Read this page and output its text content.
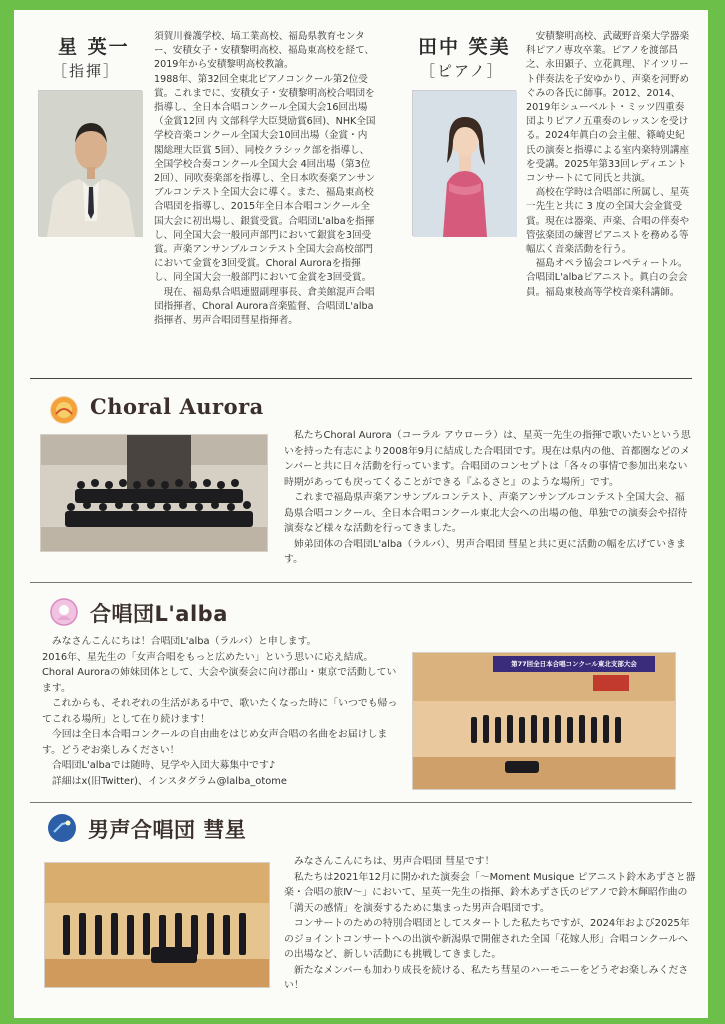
星 英一
［指揮］

須賀川養護学校、塙工業高校、福島県教育センター、安積女子・安積黎明高校、福島東高校を経て、2019年から安積黎明高校教諭。

1988年、第32回全東北ピアノコンクール第2位受賞。これまでに、安積女子・安積黎明高校合唱団を指導し、全日本合唱コンクール全国大会16回出場（金賞12回 内 文部科学大臣奨励賞6回)、NHK全国学校音楽コンクール全国大会10回出場（金賞・内閣総理大臣賞 5回）、同校クラシック部を指導し、全国学校合奏コンクール全国大会 4回出場（第3位2回）、同吹奏楽部を指導し、全日本吹奏楽アンサンブルコンテスト全国大会に導く。また、福島東高校合唱団を指導し、2015年全日本合唱コンクール全国大会に初出場し、銀賞受賞。合唱団L'albaを指揮し、同全国大会一般同声部門において銀賞を3回受賞。声楽アンサンブルコンテスト全国大会高校部門において金賞を3回受賞。Choral Auroraを指揮し、同全国大会一般部門において金賞を3回受賞。

現在、福島県合唱連盟副理事長、倉美館混声合唱団指揮者、Choral Aurora音楽監督、合唱団L'alba指揮者、男声合唱団彗星指揮者。

田中 笑美
［ピアノ］

安積黎明高校、武蔵野音楽大学器楽科ピアノ専攻卒業。ピアノを渡部昌之、永田顕子、立花眞理、ドイツリート伴奏法を子安ゆかり、声楽を河野めぐみの各氏に師事。2012、2014、2019年シューベルト・ミッツ四重奏団よりピアノ五重奏のレッスンを受ける。2024年眞白の会主催、篠崎史紀氏の演奏と指導による室内楽特別講座を受講。2025年第33回レディエントコンサートにて同氏と共演。

高校在学時は合唱部に所属し、星英一先生と共に 3 度の全国大会金賞受賞。現在は器楽、声楽、合唱の伴奏や管弦楽団の練習ピアニストを務める等幅広く音楽活動を行う。

福島オペラ協会コレペティートル。合唱団L'albaピアニスト。眞白の会会員。福島東稜高等学校音楽科講師。

Choral Aurora

私たちChoral Aurora（コーラル アウローラ）は、星英一先生の指揮で歌いたいという思いを持った有志により2008年9月に結成した合唱団です。現在は県内の他、首都圏などのメンバーと共に日々活動を行っています。合唱団のコンセプトは「各々の事情で参加出来ない時期があっても戻ってくることができる『ふるさと』のような場所」です。

これまで福島県声楽アンサンブルコンテスト、声楽アンサンブルコンテスト全国大会、福島県合唱コンクール、全日本合唱コンクール東北大会への出場の他、単独での演奏会や招待演奏など様々な活動を行ってきました。

姉弟団体の合唱団L'alba（ラルバ）、男声合唱団 彗星と共に更に活動の幅を広げていきます。

合唱団L'alba

みなさんこんにちは！合唱団L'alba（ラルバ）と申します。

2016年、星先生の「女声合唱をもっと広めたい」という思いに応え結成。Choral Auroraの姉妹団体として、大会や演奏会に向け郡山・東京で活動しています。

これからも、それぞれの生活がある中で、歌いたくなった時に「いつでも帰ってこれる場所」として在り続けます！

今回は全日本合唱コンクールの自由曲をはじめ女声合唱の名曲をお届けします。どうぞお楽しみください！

合唱団L'albaでは随時、見学や入団大募集中です♪

詳細はx(旧Twitter)、インスタグラム@lalba_otome

第77回全日本合唱コンクール東北支部大会
男声合唱団 彗星

みなさんこんにちは、男声合唱団 彗星です！

私たちは2021年12月に開かれた演奏会「～Moment Musique ピアニスト鈴木あずさと器楽・合唱の旅Ⅳ～」において、星英一先生の指揮、鈴木あずさ氏のピアノで鈴木輝昭作曲の「満天の感情」を演奏するために集まった男声合唱団です。

コンサートのための特別合唱団としてスタートした私たちですが、2024年および2025年のジョイントコンサートへの出演や新潟県で開催された全国「花嫁人形」合唱コンクールへの出場など、新しい活動にも挑戦してきました。

新たなメンバーも加わり成長を続ける、私たち彗星のハーモニーをどうぞお楽しみください！
